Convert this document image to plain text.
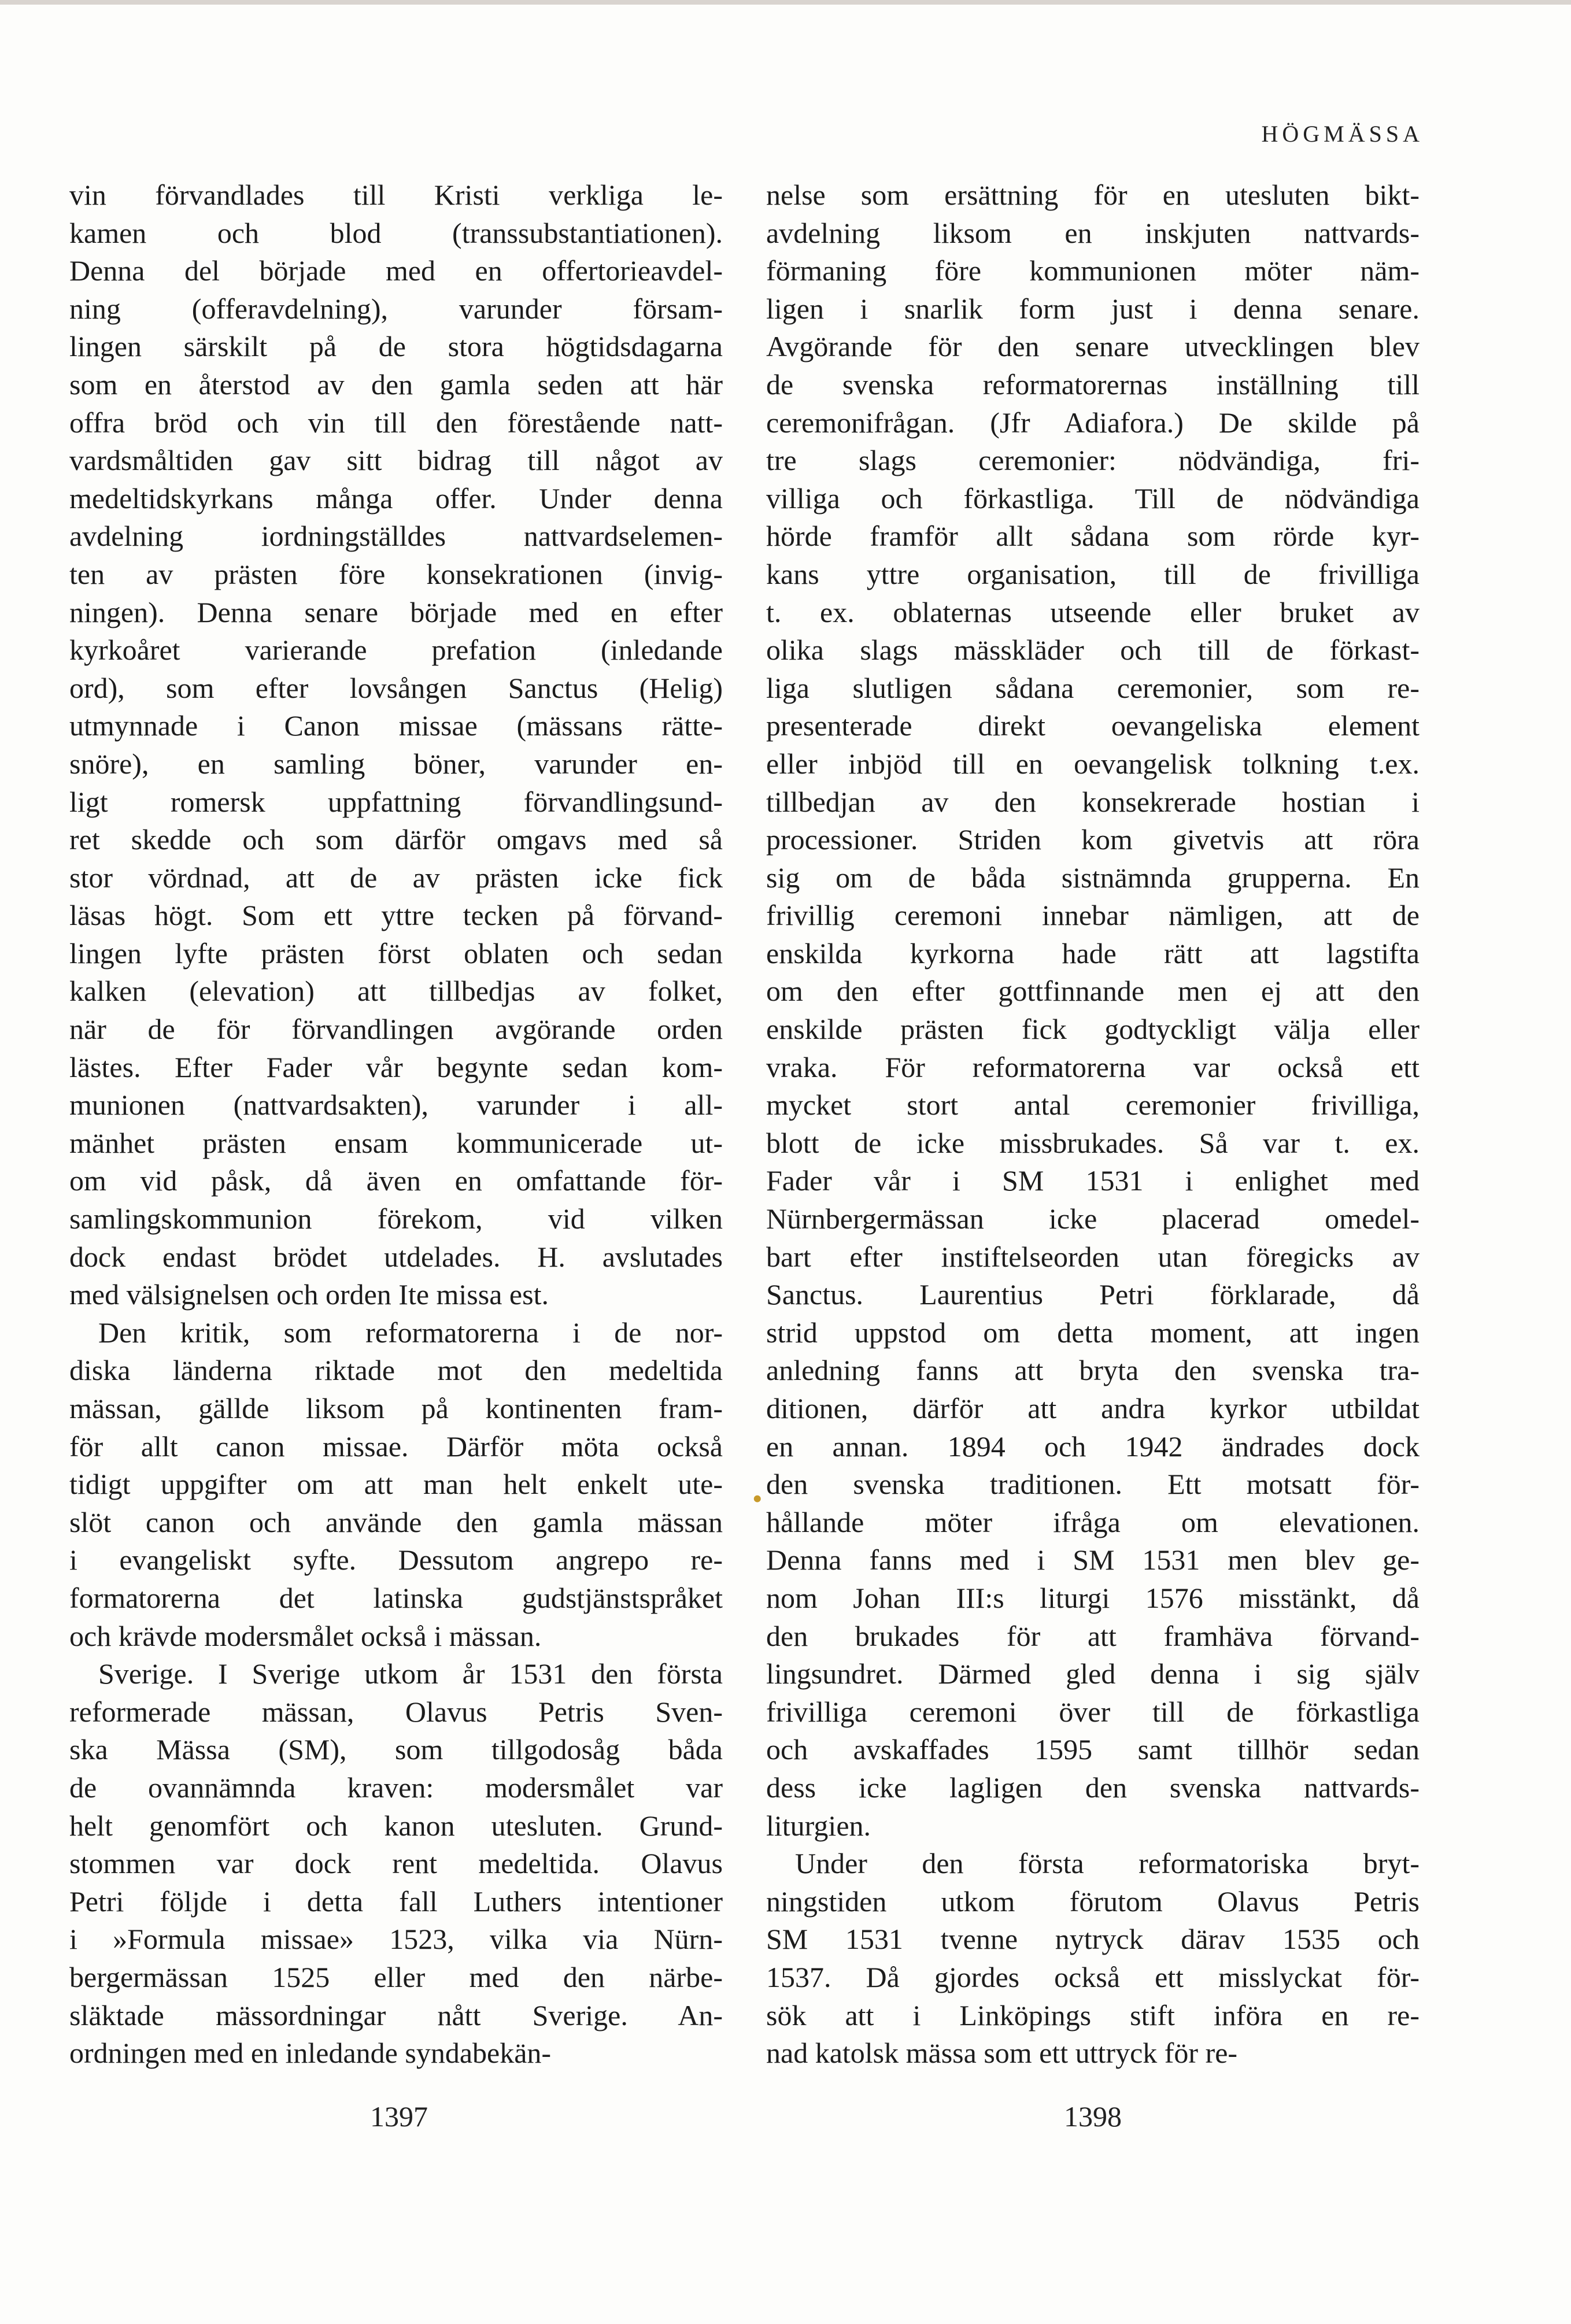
HÖGMÄSSA
vin förvandlades till Kristi verkliga le-
kamen och blod (transsubstantiationen).
Denna del började med en offertorieavdel-
ning (offeravdelning), varunder försam-
lingen särskilt på de stora högtidsdagarna
som en återstod av den gamla seden att här
offra bröd och vin till den förestående natt-
vardsmåltiden gav sitt bidrag till något av
medeltidskyrkans många offer. Under denna
avdelning iordningställdes nattvardselemen-
ten av prästen före konsekrationen (invig-
ningen). Denna senare började med en efter
kyrkoåret varierande prefation (inledande
ord), som efter lovsången Sanctus (Helig)
utmynnade i Canon missae (mässans rätte-
snöre), en samling böner, varunder en-
ligt romersk uppfattning förvandlingsund-
ret skedde och som därför omgavs med så
stor vördnad, att de av prästen icke fick
läsas högt. Som ett yttre tecken på förvand-
lingen lyfte prästen först oblaten och sedan
kalken (elevation) att tillbedjas av folket,
när de för förvandlingen avgörande orden
lästes. Efter Fader vår begynte sedan kom-
munionen (nattvardsakten), varunder i all-
mänhet prästen ensam kommunicerade ut-
om vid påsk, då även en omfattande för-
samlingskommunion förekom, vid vilken
dock endast brödet utdelades. H. avslutades
med välsignelsen och orden Ite missa est.
Den kritik, som reformatorerna i de nor-
diska länderna riktade mot den medeltida
mässan, gällde liksom på kontinenten fram-
för allt canon missae. Därför möta också
tidigt uppgifter om att man helt enkelt ute-
slöt canon och använde den gamla mässan
i evangeliskt syfte. Dessutom angrepo re-
formatorerna det latinska gudstjänstspråket
och krävde modersmålet också i mässan.
Sverige. I Sverige utkom år 1531 den första
reformerade mässan, Olavus Petris Sven-
ska Mässa (SM), som tillgodosåg båda
de ovannämnda kraven: modersmålet var
helt genomfört och kanon utesluten. Grund-
stommen var dock rent medeltida. Olavus
Petri följde i detta fall Luthers intentioner
i »Formula missae» 1523, vilka via Nürn-
bergermässan 1525 eller med den närbe-
släktade mässordningar nått Sverige. An-
ordningen med en inledande syndabekän-
nelse som ersättning för en utesluten bikt-
avdelning liksom en inskjuten nattvards-
förmaning före kommunionen möter näm-
ligen i snarlik form just i denna senare.
Avgörande för den senare utvecklingen blev
de svenska reformatorernas inställning till
ceremonifrågan. (Jfr Adiafora.) De skilde på
tre slags ceremonier: nödvändiga, fri-
villiga och förkastliga. Till de nödvändiga
hörde framför allt sådana som rörde kyr-
kans yttre organisation, till de frivilliga
t. ex. oblaternas utseende eller bruket av
olika slags mässkläder och till de förkast-
liga slutligen sådana ceremonier, som re-
presenterade direkt oevangeliska element
eller inbjöd till en oevangelisk tolkning t.ex.
tillbedjan av den konsekrerade hostian i
processioner. Striden kom givetvis att röra
sig om de båda sistnämnda grupperna. En
frivillig ceremoni innebar nämligen, att de
enskilda kyrkorna hade rätt att lagstifta
om den efter gottfinnande men ej att den
enskilde prästen fick godtyckligt välja eller
vraka. För reformatorerna var också ett
mycket stort antal ceremonier frivilliga,
blott de icke missbrukades. Så var t. ex.
Fader vår i SM 1531 i enlighet med
Nürnbergermässan icke placerad omedel-
bart efter instiftelseorden utan föregicks av
Sanctus. Laurentius Petri förklarade, då
strid uppstod om detta moment, att ingen
anledning fanns att bryta den svenska tra-
ditionen, därför att andra kyrkor utbildat
en annan. 1894 och 1942 ändrades dock
den svenska traditionen. Ett motsatt för-
hållande möter ifråga om elevationen.
Denna fanns med i SM 1531 men blev ge-
nom Johan III:s liturgi 1576 misstänkt, då
den brukades för att framhäva förvand-
lingsundret. Därmed gled denna i sig själv
frivilliga ceremoni över till de förkastliga
och avskaffades 1595 samt tillhör sedan
dess icke lagligen den svenska nattvards-
liturgien.
Under den första reformatoriska bryt-
ningstiden utkom förutom Olavus Petris
SM 1531 tvenne nytryck därav 1535 och
1537. Då gjordes också ett misslyckat för-
sök att i Linköpings stift införa en re-
nad katolsk mässa som ett uttryck för re-
•
1397	1398
